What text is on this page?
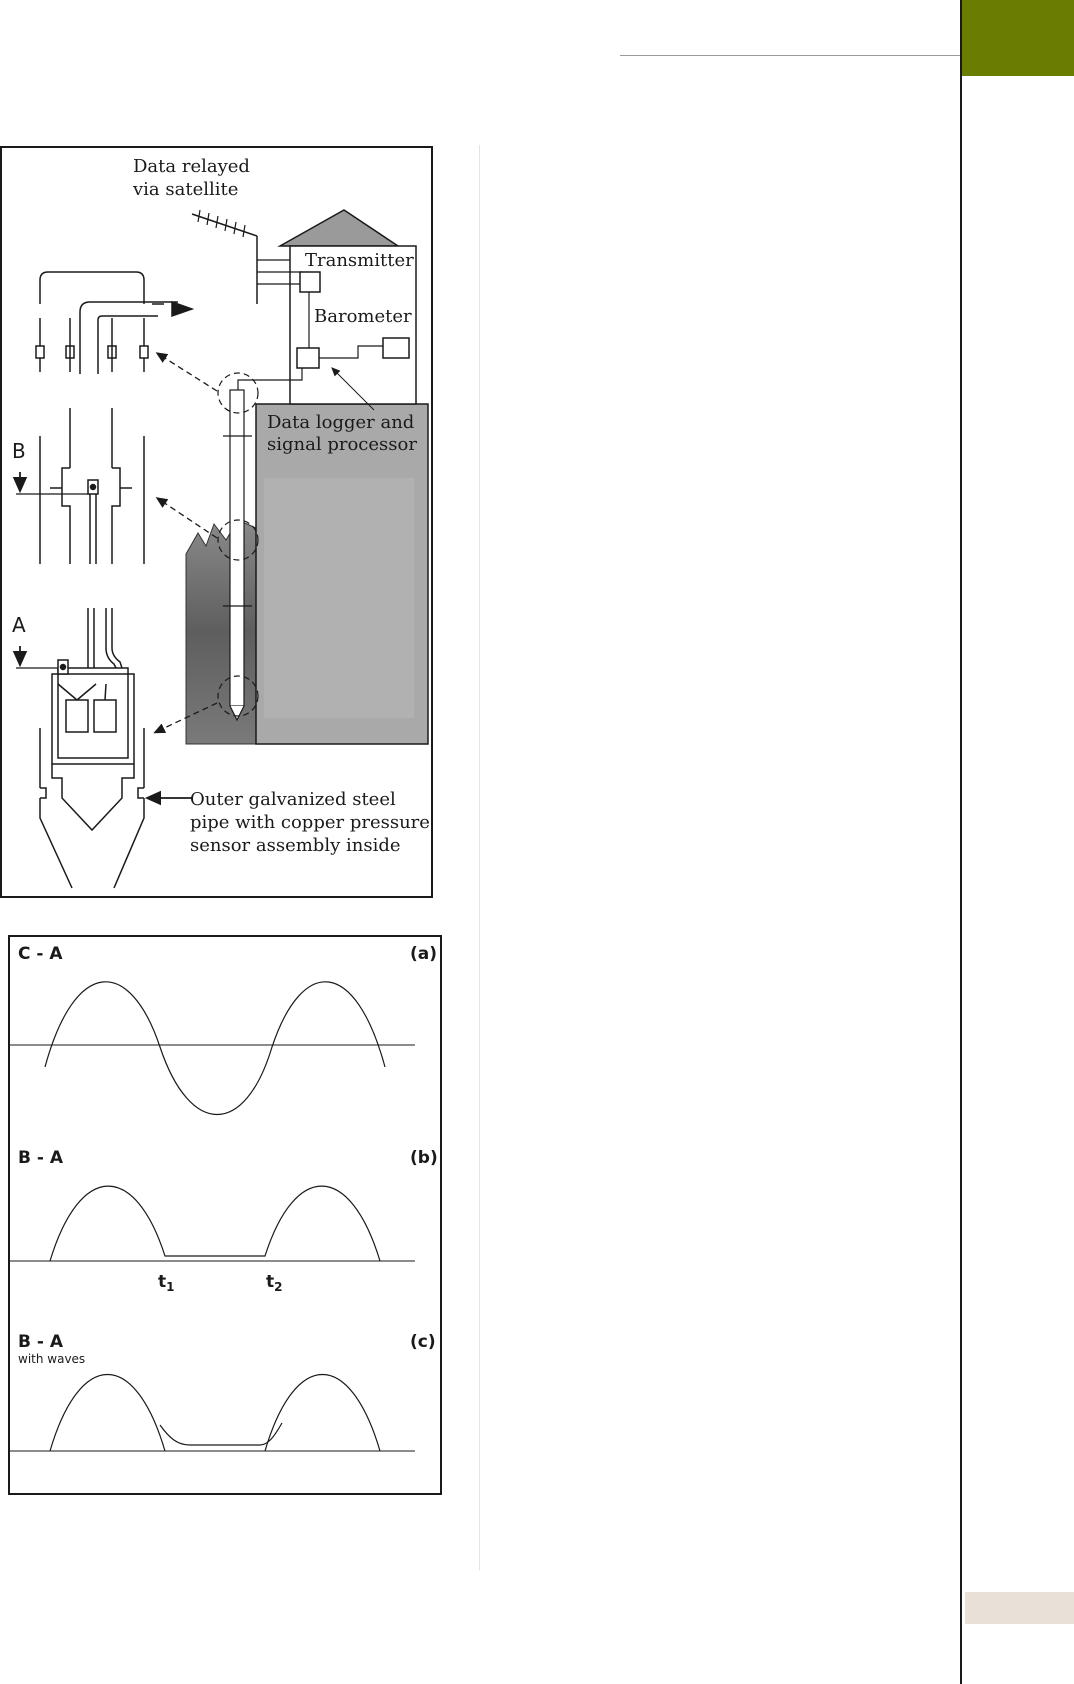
Data relayed
via satellite
Transmitter
Barometer
Data logger and
signal processor
B
A
Outer galvanized steel
pipe with copper pressure
sensor assembly inside
C - A	(a)
B - A	(b)
$t_1$	$t_2$
B - A
with waves
(c)
